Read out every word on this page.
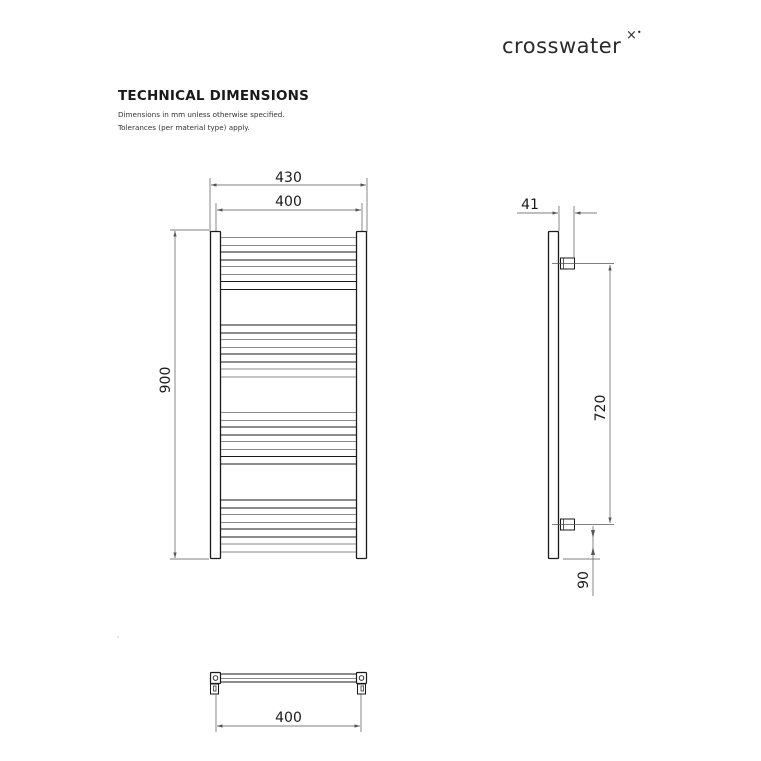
crosswater ×•
TECHNICAL DIMENSIONS
Dimensions in mm unless otherwise specified.
Tolerances (per material type) apply.
430
400
900
41
720
90
400
